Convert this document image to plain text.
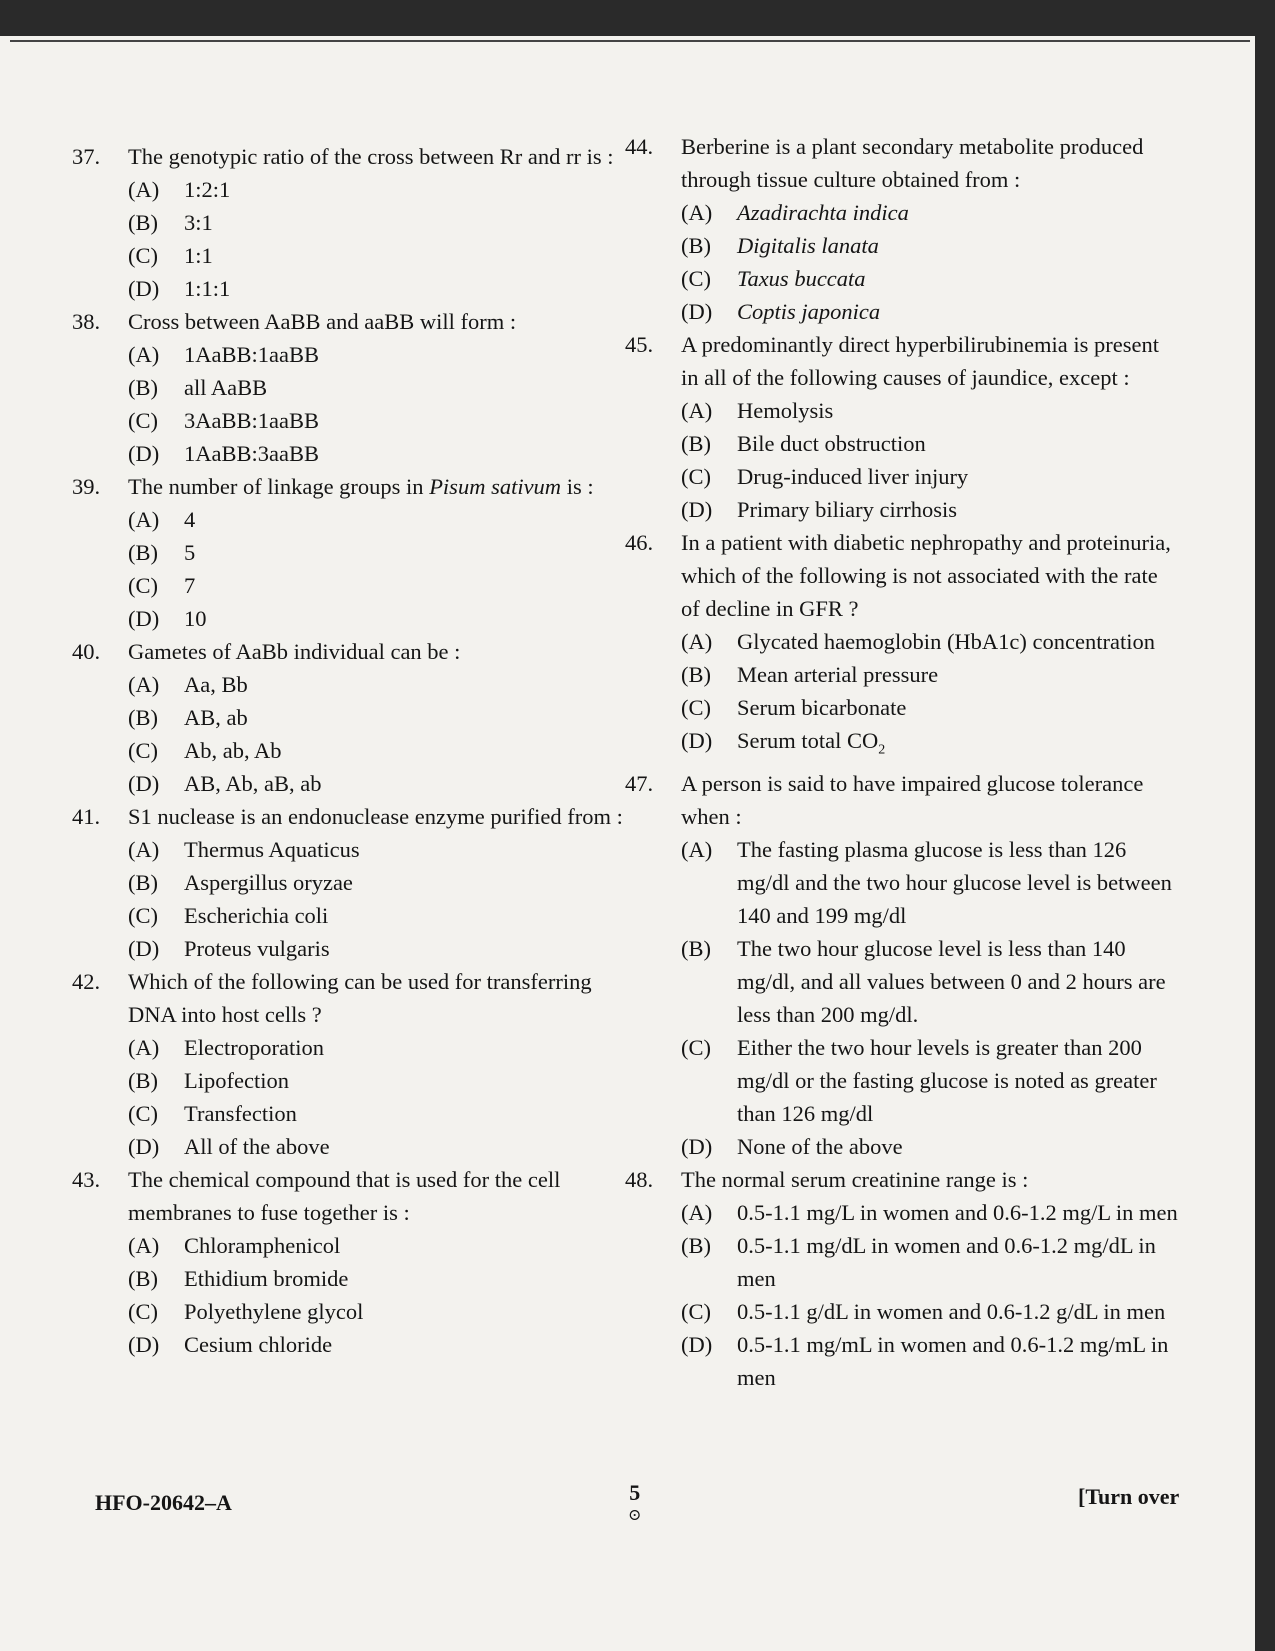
37. The genotypic ratio of the cross between Rr and rr is :
(A) 1:2:1
(B) 3:1
(C) 1:1
(D) 1:1:1
38. Cross between AaBB and aaBB will form :
(A) 1AaBB:1aaBB
(B) all AaBB
(C) 3AaBB:1aaBB
(D) 1AaBB:3aaBB
39. The number of linkage groups in Pisum sativum is :
(A) 4
(B) 5
(C) 7
(D) 10
40. Gametes of AaBb individual can be :
(A) Aa, Bb
(B) AB, ab
(C) Ab, ab, Ab
(D) AB, Ab, aB, ab
41. S1 nuclease is an endonuclease enzyme purified from :
(A) Thermus Aquaticus
(B) Aspergillus oryzae
(C) Escherichia coli
(D) Proteus vulgaris
42. Which of the following can be used for transferring DNA into host cells ?
(A) Electroporation
(B) Lipofection
(C) Transfection
(D) All of the above
43. The chemical compound that is used for the cell membranes to fuse together is :
(A) Chloramphenicol
(B) Ethidium bromide
(C) Polyethylene glycol
(D) Cesium chloride
44. Berberine is a plant secondary metabolite produced through tissue culture obtained from :
(A) Azadirachta indica
(B) Digitalis lanata
(C) Taxus buccata
(D) Coptis japonica
45. A predominantly direct hyperbilirubinemia is present in all of the following causes of jaundice, except :
(A) Hemolysis
(B) Bile duct obstruction
(C) Drug-induced liver injury
(D) Primary biliary cirrhosis
46. In a patient with diabetic nephropathy and proteinuria, which of the following is not associated with the rate of decline in GFR ?
(A) Glycated haemoglobin (HbA1c) concentration
(B) Mean arterial pressure
(C) Serum bicarbonate
(D) Serum total $CO_2$
47. A person is said to have impaired glucose tolerance when :
(A) The fasting plasma glucose is less than 126 mg/dl and the two hour glucose level is between 140 and 199 mg/dl
(B) The two hour glucose level is less than 140 mg/dl, and all values between 0 and 2 hours are less than 200 mg/dl.
(C) Either the two hour levels is greater than 200 mg/dl or the fasting glucose is noted as greater than 126 mg/dl
(D) None of the above
48. The normal serum creatinine range is :
(A) 0.5-1.1 mg/L in women and 0.6-1.2 mg/L in men
(B) 0.5-1.1 mg/dL in women and 0.6-1.2 mg/dL in men
(C) 0.5-1.1 g/dL in women and 0.6-1.2 g/dL in men
(D) 0.5-1.1 mg/mL in women and 0.6-1.2 mg/mL in men
HFO-20642–A	5
⊙
[Turn over
